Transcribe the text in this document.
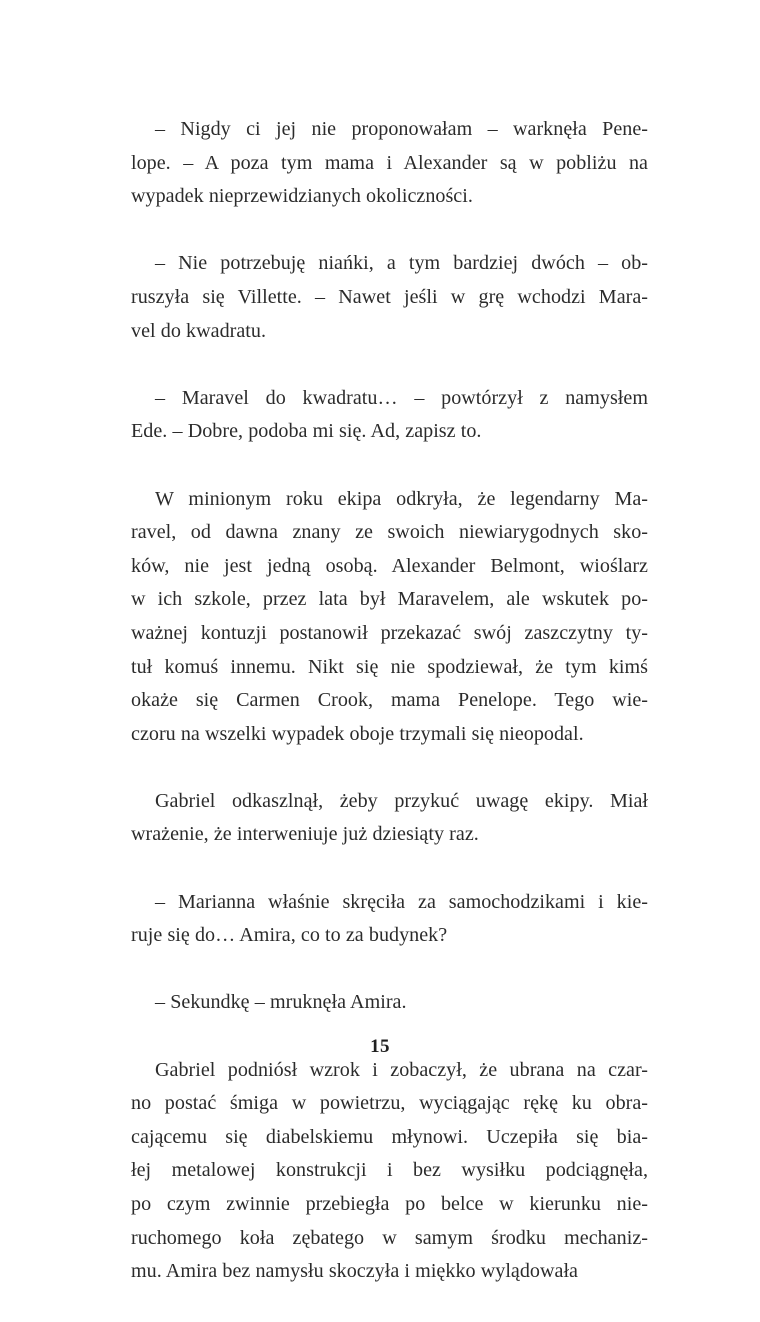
– Nigdy ci jej nie proponowałam – warknęła Pene-
lope. – A poza tym mama i Alexander są w pobliżu na
wypadek nieprzewidzianych okoliczności.

– Nie potrzebuję niańki, a tym bardziej dwóch – ob-
ruszyła się Villette. – Nawet jeśli w grę wchodzi Mara-
vel do kwadratu.

– Maravel do kwadratu… – powtórzył z namysłem
Ede. – Dobre, podoba mi się. Ad, zapisz to.

W minionym roku ekipa odkryła, że legendarny Ma-
ravel, od dawna znany ze swoich niewiarygodnych sko-
ków, nie jest jedną osobą. Alexander Belmont, wioślarz
w ich szkole, przez lata był Maravelem, ale wskutek po-
ważnej kontuzji postanowił przekazać swój zaszczytny ty-
tuł komuś innemu. Nikt się nie spodziewał, że tym kimś
okaże się Carmen Crook, mama Penelope. Tego wie-
czoru na wszelki wypadek oboje trzymali się nieopodal.

Gabriel odkaszlnął, żeby przykuć uwagę ekipy. Miał
wrażenie, że interweniuje już dziesiąty raz.

– Marianna właśnie skręciła za samochodzikami i kie-
ruje się do… Amira, co to za budynek?

– Sekundkę – mruknęła Amira.

Gabriel podniósł wzrok i zobaczył, że ubrana na czar-
no postać śmiga w powietrzu, wyciągając rękę ku obra-
cającemu się diabelskiemu młynowi. Uczepiła się bia-
łej metalowej konstrukcji i bez wysiłku podciągnęła,
po czym zwinnie przebiegła po belce w kierunku nie-
ruchomego koła zębatego w samym środku mechaniz-
mu. Amira bez namysłu skoczyła i miękko wylądowała

15
